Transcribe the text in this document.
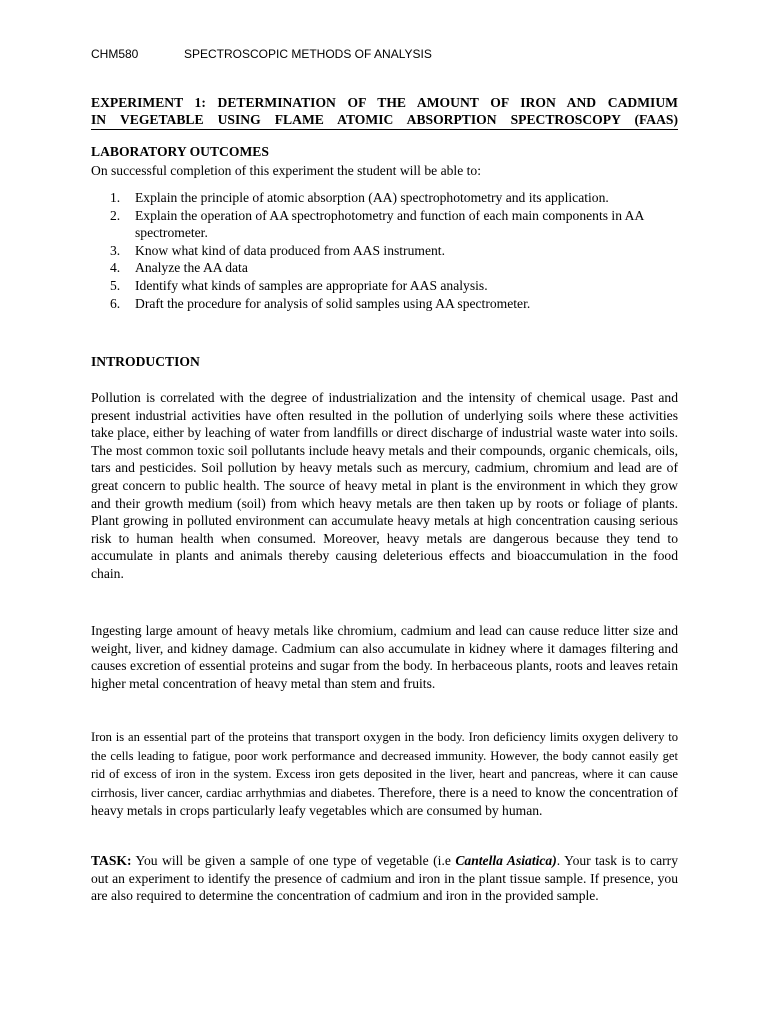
CHM580	SPECTROSCOPIC METHODS OF ANALYSIS
EXPERIMENT 1: DETERMINATION OF THE AMOUNT OF IRON AND CADMIUM
IN VEGETABLE USING FLAME ATOMIC ABSORPTION SPECTROSCOPY (FAAS)
LABORATORY OUTCOMES
On successful completion of this experiment the student will be able to:
1. Explain the principle of atomic absorption (AA) spectrophotometry and its application.
2. Explain the operation of AA spectrophotometry and function of each main components in AA spectrometer.
3. Know what kind of data produced from AAS instrument.
4. Analyze the AA data
5. Identify what kinds of samples are appropriate for AAS analysis.
6. Draft the procedure for analysis of solid samples using AA spectrometer.
INTRODUCTION

Pollution is correlated with the degree of industrialization and the intensity of chemical usage. Past and present industrial activities have often resulted in the pollution of underlying soils where these activities take place, either by leaching of water from landfills or direct discharge of industrial waste water into soils. The most common toxic soil pollutants include heavy metals and their compounds, organic chemicals, oils, tars and pesticides. Soil pollution by heavy metals such as mercury, cadmium, chromium and lead are of great concern to public health. The source of heavy metal in plant is the environment in which they grow and their growth medium (soil) from which heavy metals are then taken up by roots or foliage of plants. Plant growing in polluted environment can accumulate heavy metals at high concentration causing serious risk to human health when consumed. Moreover, heavy metals are dangerous because they tend to accumulate in plants and animals thereby causing deleterious effects and bioaccumulation in the food chain.

Ingesting large amount of heavy metals like chromium, cadmium and lead can cause reduce litter size and weight, liver, and kidney damage. Cadmium can also accumulate in kidney where it damages filtering and causes excretion of essential proteins and sugar from the body. In herbaceous plants, roots and leaves retain higher metal concentration of heavy metal than stem and fruits.

Iron is an essential part of the proteins that transport oxygen in the body. Iron deficiency limits oxygen delivery to the cells leading to fatigue, poor work performance and decreased immunity. However, the body cannot easily get rid of excess of iron in the system. Excess iron gets deposited in the liver, heart and pancreas, where it can cause cirrhosis, liver cancer, cardiac arrhythmias and diabetes. Therefore, there is a need to know the concentration of heavy metals in crops particularly leafy vegetables which are consumed by human.

TASK: You will be given a sample of one type of vegetable (i.e Cantella Asiatica). Your task is to carry out an experiment to identify the presence of cadmium and iron in the plant tissue sample. If presence, you are also required to determine the concentration of cadmium and iron in the provided sample.
